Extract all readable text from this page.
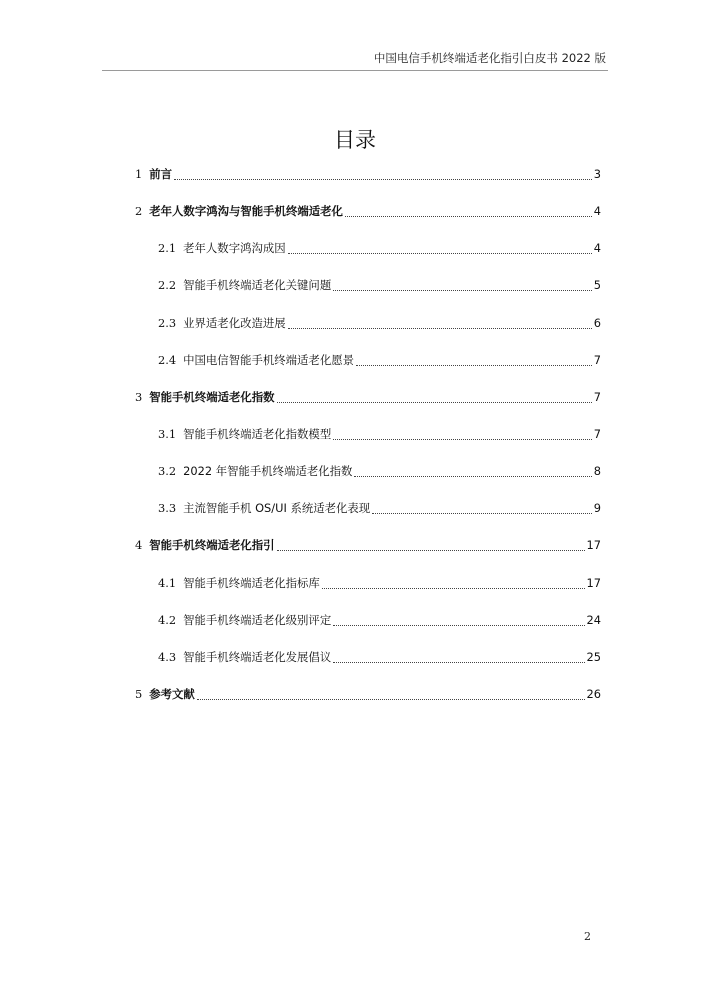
中国电信手机终端适老化指引白皮书 2022 版
目录
1 前言	3
2 老年人数字鸿沟与智能手机终端适老化	4
2.1 老年人数字鸿沟成因	4
2.2 智能手机终端适老化关键问题	5
2.3 业界适老化改造进展	6
2.4 中国电信智能手机终端适老化愿景	7
3 智能手机终端适老化指数	7
3.1 智能手机终端适老化指数模型	7
3.2 2022 年智能手机终端适老化指数	8
3.3 主流智能手机 OS/UI 系统适老化表现	9
4 智能手机终端适老化指引	17
4.1 智能手机终端适老化指标库	17
4.2 智能手机终端适老化级别评定	24
4.3 智能手机终端适老化发展倡议	25
5 参考文献	26
2
